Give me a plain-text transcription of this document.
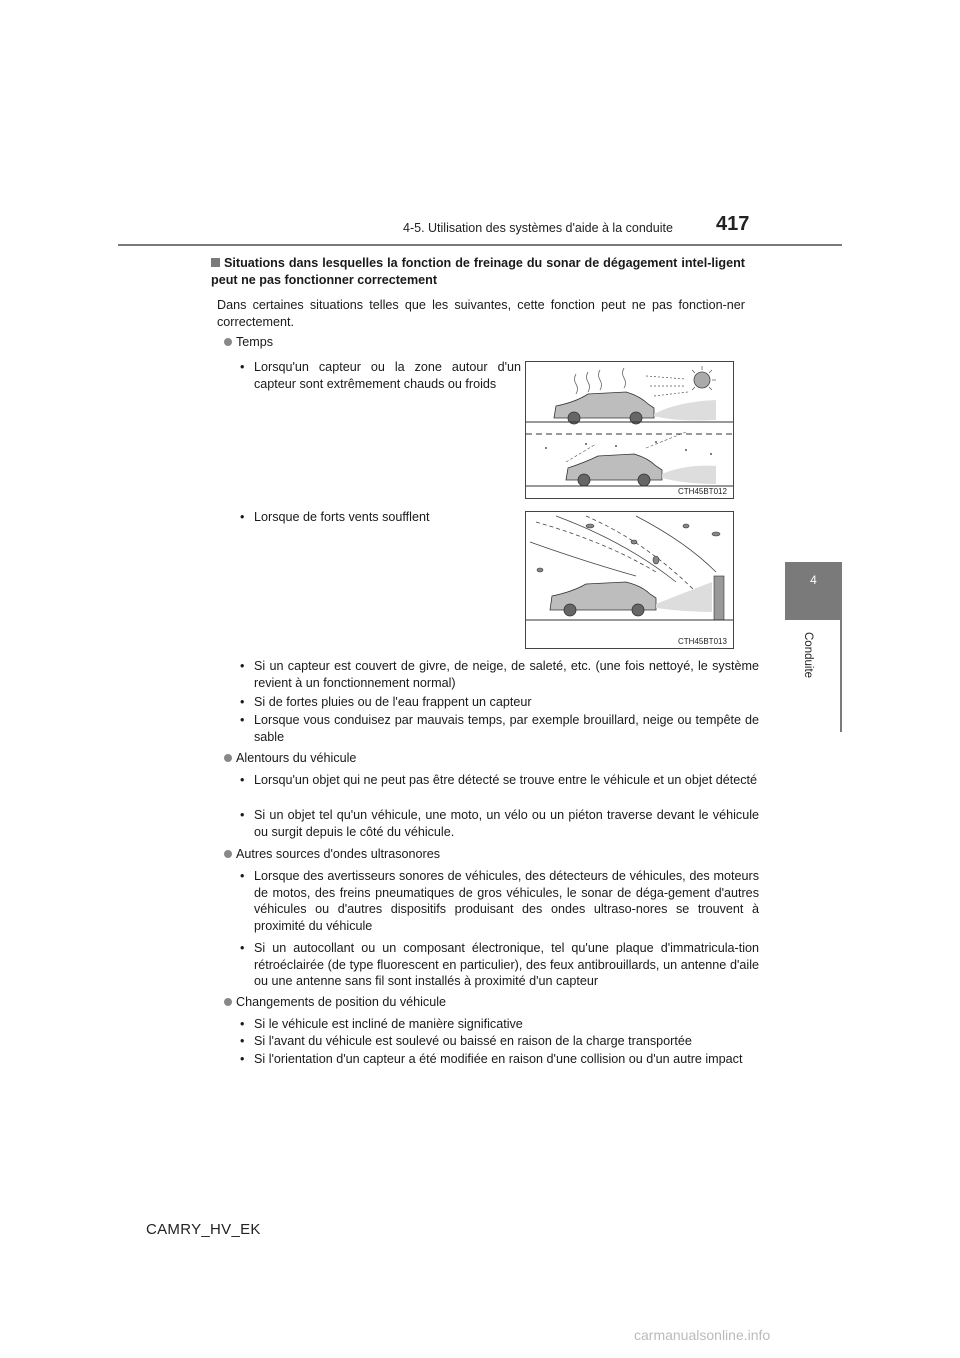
4-5. Utilisation des systèmes d'aide à la conduite 417
4
Conduite
Situations dans lesquelles la fonction de freinage du sonar de dégagement intel-ligent peut ne pas fonctionner correctement
Dans certaines situations telles que les suivantes, cette fonction peut ne pas fonction-ner correctement.
Temps
• Lorsqu'un capteur ou la zone autour d'un capteur sont extrêmement chauds ou froids
CTH45BT012
• Lorsque de forts vents soufflent
CTH45BT013
• Si un capteur est couvert de givre, de neige, de saleté, etc. (une fois nettoyé, le système revient à un fonctionnement normal)
• Si de fortes pluies ou de l'eau frappent un capteur
• Lorsque vous conduisez par mauvais temps, par exemple brouillard, neige ou tempête de sable
Alentours du véhicule
• Lorsqu'un objet qui ne peut pas être détecté se trouve entre le véhicule et un objet détecté
• Si un objet tel qu'un véhicule, une moto, un vélo ou un piéton traverse devant le véhicule ou surgit depuis le côté du véhicule.
Autres sources d'ondes ultrasonores
• Lorsque des avertisseurs sonores de véhicules, des détecteurs de véhicules, des moteurs de motos, des freins pneumatiques de gros véhicules, le sonar de déga-gement d'autres véhicules ou d'autres dispositifs produisant des ondes ultraso-nores se trouvent à proximité du véhicule
• Si un autocollant ou un composant électronique, tel qu'une plaque d'immatricula-tion rétroéclairée (de type fluorescent en particulier), des feux antibrouillards, un antenne d'aile ou une antenne sans fil sont installés à proximité d'un capteur
Changements de position du véhicule
• Si le véhicule est incliné de manière significative
• Si l'avant du véhicule est soulevé ou baissé en raison de la charge transportée
• Si l'orientation d'un capteur a été modifiée en raison d'une collision ou d'un autre impact
CAMRY_HV_EK
carmanualsonline.info
